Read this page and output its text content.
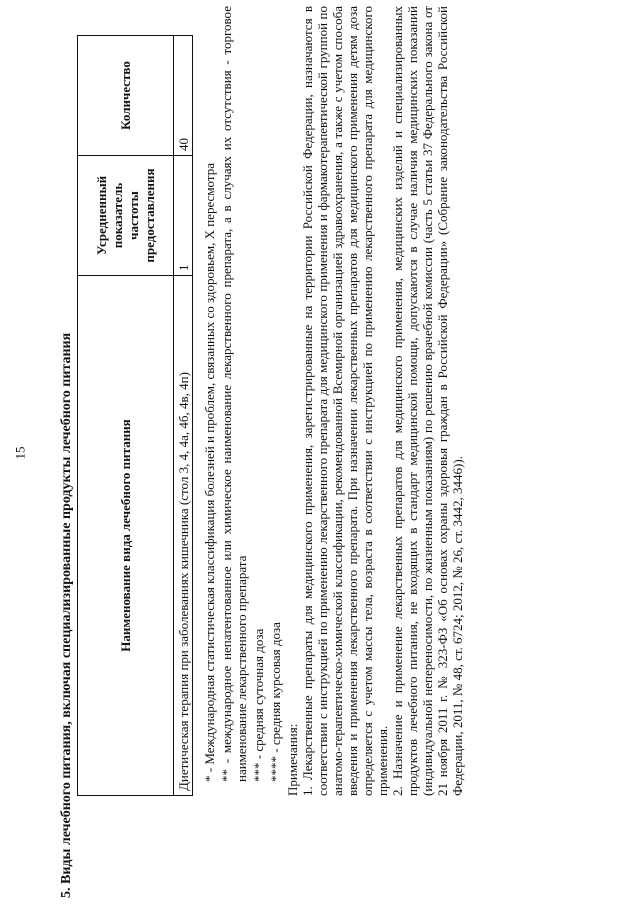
15 5. Виды лечебного питания, включая специализированные продукты лечебного питания	Наименование вида лечебного питания	Усредненный показатель частоты предоставления	Количество
Диетическая терапия при заболеваниях кишечника (стол 3, 4, 4а, 4б, 4в, 4п)	1	40

* - Международная статистическая классификация болезней и проблем, связанных со здоровьем, X пересмотра ** - международное непатентованное или химическое наименование лекарственного препарата, а в случаях их отсутствия - торговое наименование лекарственного препарата *** - средняя суточная доза **** - средняя курсовая доза Примечания: 1. Лекарственные препараты для медицинского применения, зарегистрированные на территории Российской Федерации, назначаются в соответствии с инструкцией по применению лекарственного препарата для медицинского применения и фармакотерапевтической группой по анатомо-терапевтическо-химической классификации, рекомендованной Всемирной организацией здравоохранения, а также с учетом способа введения и применения лекарственного препарата. При назначении лекарственных препаратов для медицинского применения детям доза определяется с учетом массы тела, возраста в соответствии с инструкцией по применению лекарственного препарата для медицинского применения. 2. Назначение и применение лекарственных препаратов для медицинского применения, медицинских изделий и специализированных продуктов лечебного питания, не входящих в стандарт медицинской помощи, допускаются в случае наличия медицинских показаний (индивидуальной непереносимости, по жизненным показаниям) по решению врачебной комиссии (часть 5 статьи 37 Федерального закона от 21 ноября 2011 г. № 323-ФЗ «Об основах охраны здоровья граждан в Российской Федерации» (Собрание законодательства Российской Федерации, 2011, № 48, ст. 6724; 2012, № 26, ст. 3442, 3446)).
